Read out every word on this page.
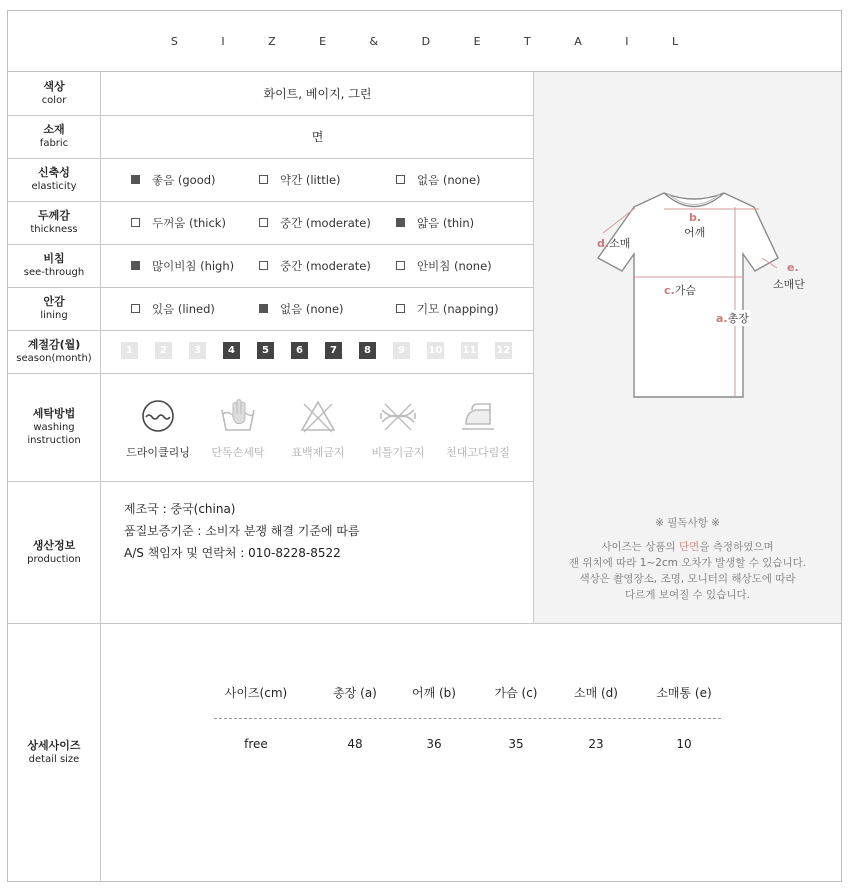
S I Z E & D E T A I L
색상
color	화이트, 베이지, 그린
소재
fabric	면
신축성
elasticity	좋음 (good)	약간 (little)	없음 (none)
두께감
thickness	두꺼움 (thick)	중간 (moderate)	얇음 (thin)
비침
see-through	많이비침 (high)	중간 (moderate)	안비침 (none)
안감
lining	있음 (lined)	없음 (none)	기모 (napping)
계절감(월)
season(month)
1	2	3	4	5	6	7	8	9	10 11 12
세탁방법
washing
instruction
드라이클리닝 단독손세탁 표백제금지 비틀기금지 천대고다림질
생산정보
production
제조국 : 중국(china)
품질보증기준 : 소비자 분쟁 해결 기준에 따름
A/S 책임자 및 연락처 : 010-8228-8522
b.
어깨
d.소매
e.
소매단
c.가슴
a.총장
※ 필독사항 ※
사이즈는 상품의 단면을 측정하였으며
잰 위치에 따라 1~2cm 오차가 발생할 수 있습니다.
색상은 촬영장소, 조명, 모니터의 해상도에 따라
다르게 보여질 수 있습니다.
상세사이즈
detail size
사이즈(cm)	총장 (a)	어깨 (b)	가슴 (c)	소매 (d)	소매통 (e)
free	48	36	35	23	10
